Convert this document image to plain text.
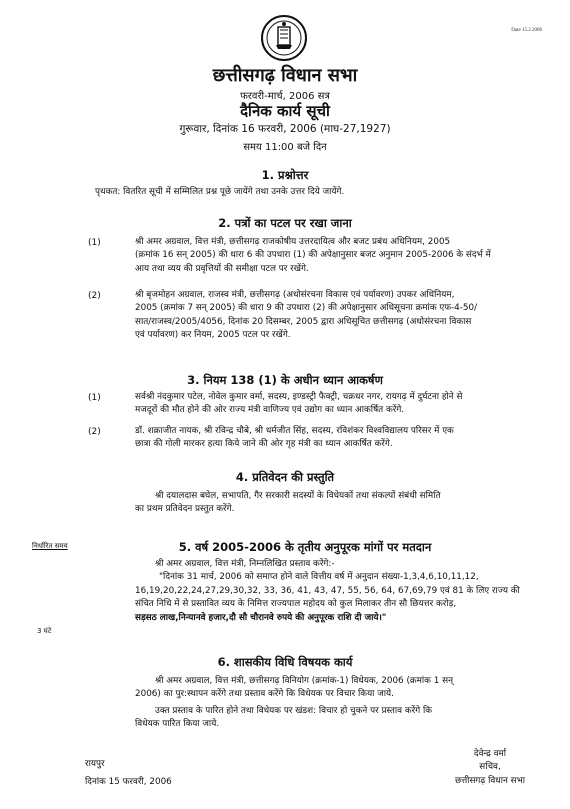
Date 15.2.2006
छत्तीसगढ़ विधान सभा
फरवरी-मार्च, 2006 सत्र
दैनिक कार्य सूची
गुरूवार, दिनांक 16 फरवरी, 2006 (माघ-27,1927)
समय 11:00 बजे दिन
1. प्रश्नोत्तर
पृथकत: वितरित सूची में सम्मिलित प्रश्न पूछे जायेंगे तथा उनके उत्तर दिये जायेंगे.
2. पत्रों का पटल पर रखा जाना
(1)	श्री अमर अग्रवाल, वित्त मंत्री, छत्तीसगढ़ राजकोषीय उत्तरदायित्व और बजट प्रबंध अधिनियम, 2005
(क्रमांक 16 सन् 2005) की धारा 6 की उपधारा (1) की अपेक्षानुसार बजट अनुमान 2005-2006 के संदर्भ में
आय तथा व्यय की प्रवृत्तियों की समीक्षा पटल पर रखेंगे.
(2)	श्री बृजमोहन अग्रवाल, राजस्व मंत्री, छत्तीसगढ़ (अधोसंरचना विकास एवं पर्यावरण) उपकर अधिनियम,
2005 (क्रमांक 7 सन् 2005) की धारा 9 की उपधारा (2) की अपेक्षानुसार अधिसूचना क्रमांक एफ-4-50/
सात/राजस्व/2005/4056, दिनांक 20 दिसम्बर, 2005 द्वारा अधिसूचित छत्तीसगढ़ (अधोसंरचना विकास
एवं पर्यावरण) कर नियम, 2005 पटल पर रखेंगे.
3. नियम 138 (1) के अधीन ध्यान आकर्षण
(1)	सर्वश्री नंदकुमार पटेल, नोवेल कुमार वर्मा, सदस्य, इण्डस्ट्री फैक्ट्री, चक्रधर नगर, रायगढ़ में दुर्घटना होने से
मजदूरों की मौत होने की ओर राज्य मंत्री वाणिज्य एवं उद्योग का ध्यान आकर्षित करेंगे.
(2)	डॉ. शक्राजीत नायक, श्री रविन्द्र चौबे, श्री धर्मजीत सिंह, सदस्य, रविशंकर विश्वविद्यालय परिसर में एक
छात्रा की गोली मारकर हत्या किये जाने की ओर गृह मंत्री का ध्यान आकर्षित करेंगे.
4. प्रतिवेदन की प्रस्तुति
श्री दयालदास बघेल, सभापति, गैर सरकारी सदस्यों के विधेयकों तथा संकल्पों संबंधी समिति
का प्रथम प्रतिवेदन प्रस्तुत करेंगे.
निर्धारित समय
3 घंटे
5. वर्ष 2005-2006 के तृतीय अनुपूरक मांगों पर मतदान
श्री अमर अग्रवाल, वित्त मंत्री, निम्नलिखित प्रस्ताव करेंगे:-
"दिनांक 31 मार्च, 2006 को समाप्त होने वाले वित्तीय वर्ष में अनुदान संख्या-1,3,4,6,10,11,12,
16,19,20,22,24,27,29,30,32, 33, 36, 41, 43, 47, 55, 56, 64, 67,69,79 एवं 81 के लिए राज्य की
संचित निधि में से प्रस्तावित व्यय के निमित्त राज्यपाल महोदय को कुल मिलाकर तीन सौ छियत्तर करोड़,
सड़सठ लाख,निन्यानवे हजार,दौ सौ चौरानवे रुपये की अनुपूरक राशि दी जाये।"
6. शासकीय विधि विषयक कार्य
श्री अमर अग्रवाल, वित्त मंत्री, छत्तीसगढ़ विनियोग (क्रमांक-1) विधेयक, 2006 (क्रमांक 1 सन्
2006) का पुर:स्थापन करेंगे तथा प्रस्ताव करेंगे कि विधेयक पर विचार किया जाये.
उक्त प्रस्ताव के पारित होने तथा विधेयक पर खंडश: विचार हो चुकने पर प्रस्ताव करेंगे कि
विधेयक पारित किया जाये.
रायपुर
दिनांक 15 फरवरी, 2006
देवेन्द्र वर्मा
सचिव,
छत्तीसगढ़ विधान सभा
